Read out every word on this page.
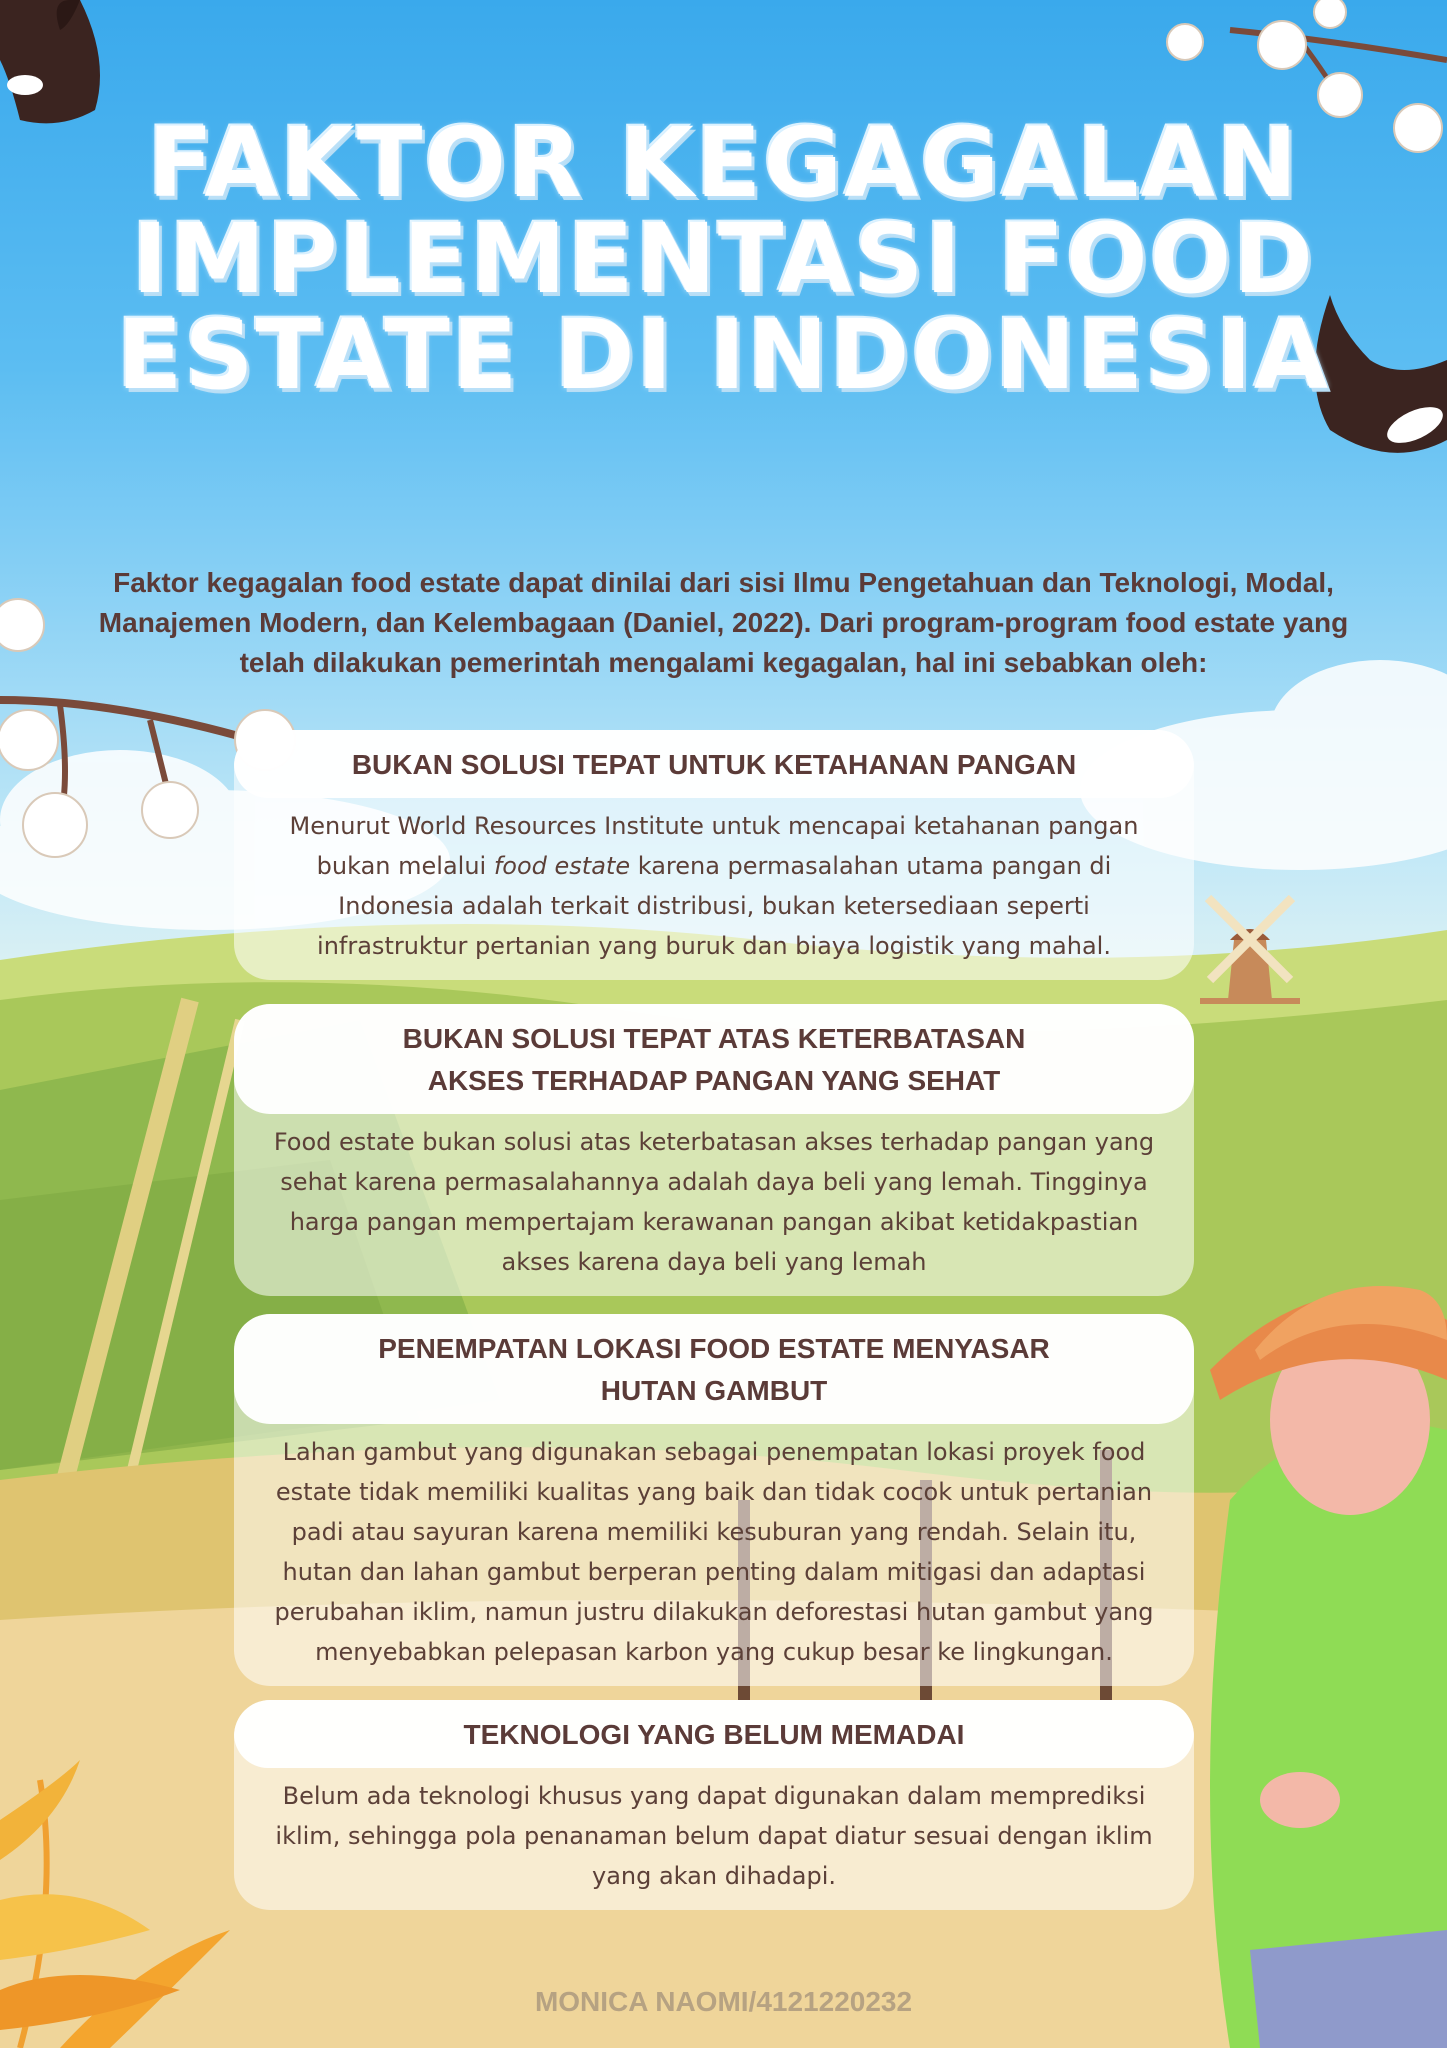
FAKTOR KEGAGALAN IMPLEMENTASI FOOD ESTATE DI INDONESIA

Faktor kegagalan food estate dapat dinilai dari sisi Ilmu Pengetahuan dan Teknologi, Modal, Manajemen Modern, dan Kelembagaan (Daniel, 2022). Dari program-program food estate yang telah dilakukan pemerintah mengalami kegagalan, hal ini sebabkan oleh:

BUKAN SOLUSI TEPAT UNTUK KETAHANAN PANGAN

Menurut World Resources Institute untuk mencapai ketahanan pangan bukan melalui food estate karena permasalahan utama pangan di Indonesia adalah terkait distribusi, bukan ketersediaan seperti infrastruktur pertanian yang buruk dan biaya logistik yang mahal.

BUKAN SOLUSI TEPAT ATAS KETERBATASAN
AKSES TERHADAP PANGAN YANG SEHAT

Food estate bukan solusi atas keterbatasan akses terhadap pangan yang sehat karena permasalahannya adalah daya beli yang lemah. Tingginya harga pangan mempertajam kerawanan pangan akibat ketidakpastian akses karena daya beli yang lemah

PENEMPATAN LOKASI FOOD ESTATE MENYASAR
HUTAN GAMBUT

Lahan gambut yang digunakan sebagai penempatan lokasi proyek food estate tidak memiliki kualitas yang baik dan tidak cocok untuk pertanian padi atau sayuran karena memiliki kesuburan yang rendah. Selain itu, hutan dan lahan gambut berperan penting dalam mitigasi dan adaptasi perubahan iklim, namun justru dilakukan deforestasi hutan gambut yang menyebabkan pelepasan karbon yang cukup besar ke lingkungan.

TEKNOLOGI YANG BELUM MEMADAI

Belum ada teknologi khusus yang dapat digunakan dalam memprediksi iklim, sehingga pola penanaman belum dapat diatur sesuai dengan iklim yang akan dihadapi.

MONICA NAOMI/4121220232
